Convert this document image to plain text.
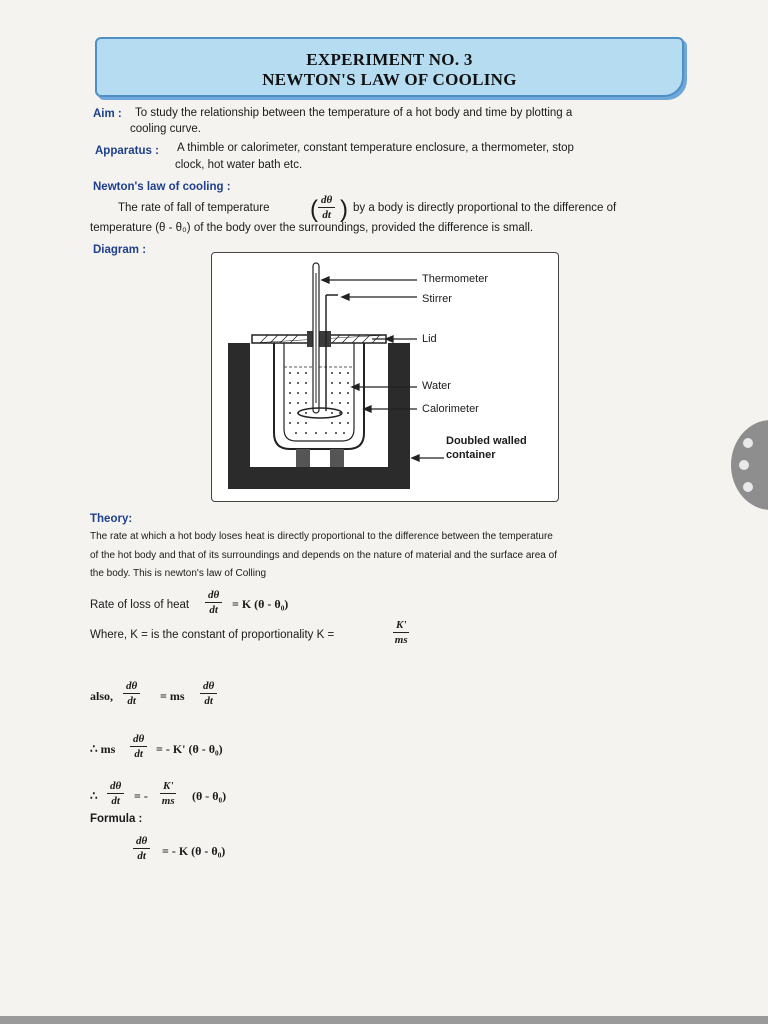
EXPERIMENT NO. 3
NEWTON'S LAW OF COOLING
Aim : To study the relationship between the temperature of a hot body and time by plotting a
cooling curve.
Apparatus : A thimble or calorimeter, constant temperature enclosure, a thermometer, stop
clock, hot water bath etc.
Newton's law of cooling :
The rate of fall of temperature ( $\frac{d\theta}{dt}$ ) by a body is directly proportional to the difference of
temperature (θ - θ₀) of the body over the surroundings, provided the difference is small.
Diagram :
Thermometer
Stirrer
Lid
Water
Calorimeter
Doubled walled
container
Theory:
The rate at which a hot body loses heat is directly proportional to the difference between the temperature
of the hot body and that of its surroundings and depends on the nature of material and the surface area of
the body. This is newton's law of Colling
Rate of loss of heat $\frac{d\theta}{dt} = K$ (θ - θ₀)
Where, K = is the constant of proportionality K =	$\frac{K'}{ms}$
also, $\frac{d\theta}{dt}$ = ms $\frac{d\theta}{dt}$
∴ ms $\frac{d\theta}{dt}$ = - K' (θ - θ₀)
∴ $\frac{d\theta}{dt}$ = - $\frac{K'}{ms} (\theta - \theta_0)$
Formula :
$\frac{d\theta}{dt}$ = - K (θ - θ₀)
